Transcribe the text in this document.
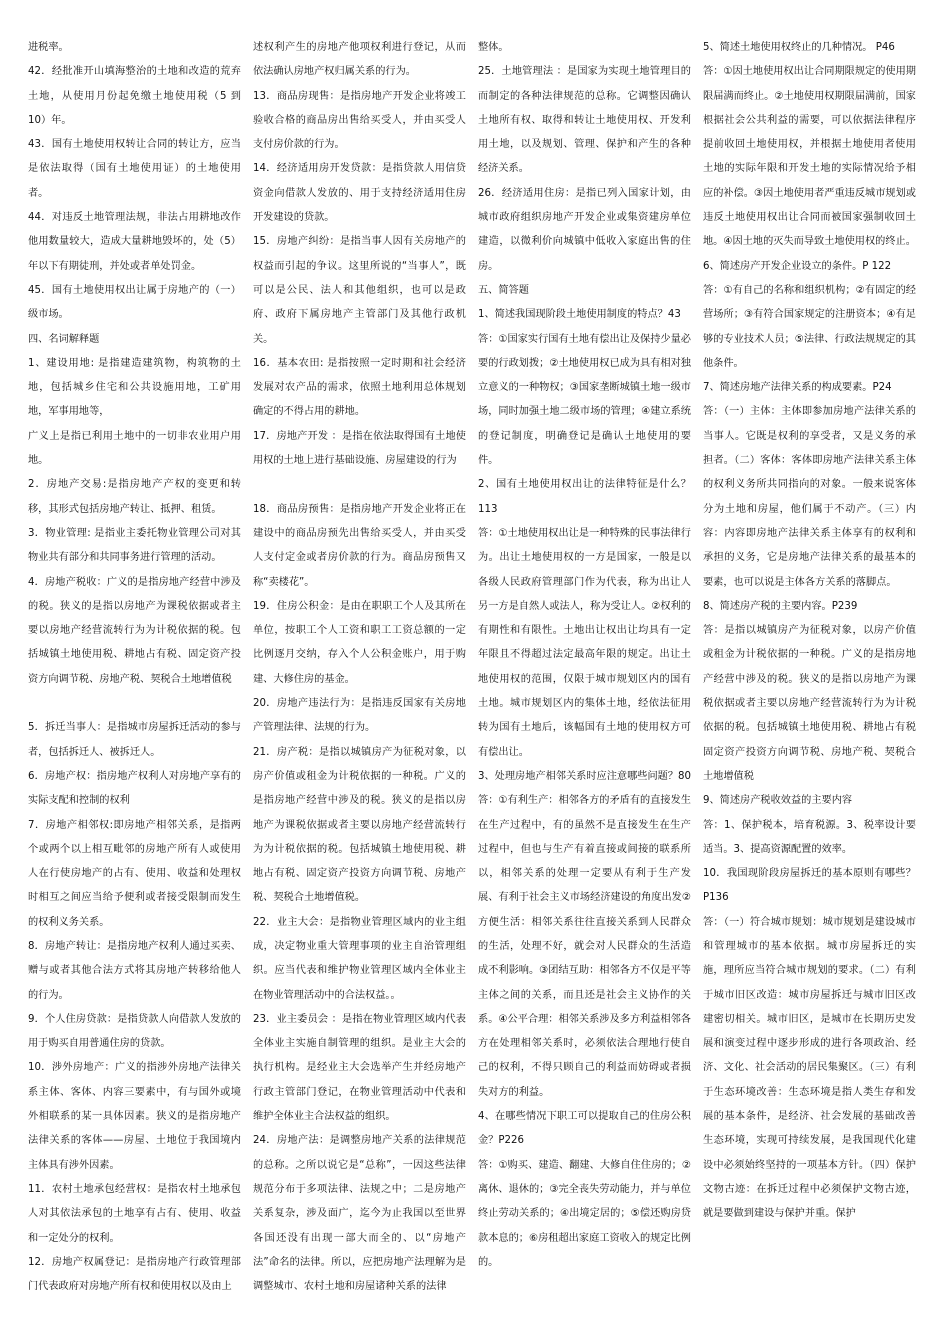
进税率。

42．经批准开山填海整治的土地和改造的荒弃土地，从使用月份起免缴土地使用税（5 到 10）年。

43．国有土地使用权转让合同的转让方，应当是依法取得（国有土地使用证）的土地使用者。

44．对违反土地管理法规，非法占用耕地改作他用数量较大，造成大量耕地毁坏的，处（5）年以下有期徒刑，并处或者单处罚金。

45．国有土地使用权出让属于房地产的（一）级市场。

四、名词解释题

1、建设用地: 是指建造建筑物，构筑物的土地，包括城乡住宅和公共设施用地，工矿用地，军事用地等，

广义上是指已利用土地中的一切非农业用户用地。

2．房地产交易:是指房地产产权的变更和转移，其形式包括房地产转让、抵押、租赁。

3．物业管理: 是指业主委托物业管理公司对其物业共有部分和共同事务进行管理的活动。

4．房地产税收：广义的是指房地产经营中涉及的税。狭义的是指以房地产为课税依据或者主要以房地产经营流转行为为计税依据的税。包括城镇土地使用税、耕地占有税、固定资产投资方向调节税、房地产税、契税合土地增值税

5．拆迁当事人：是指城市房屋拆迁活动的参与者，包括拆迁人、被拆迁人。

6．房地产权：指房地产权利人对房地产享有的实际支配和控制的权利

7．房地产相邻权:即房地产相邻关系，是指两个或两个以上相互毗邻的房地产所有人或使用人在行使房地产的占有、使用、收益和处理权时相互之间应当给予便利或者接受限制而发生的权利义务关系。

8．房地产转让：是指房地产权利人通过买卖、赠与或者其他合法方式将其房地产转移给他人的行为。

9．个人住房贷款：是指贷款人向借款人发放的用于购买自用普通住房的贷款。

10．涉外房地产：广义的指涉外房地产法律关系主体、客体、内容三要素中，有与国外或境外相联系的某一具体因素。狭义的是指房地产法律关系的客体——房屋、土地位于我国境内主体具有涉外因素。

11．农村土地承包经营权：是指农村土地承包人对其依法承包的土地享有占有、使用、收益和一定处分的权利。

12．房地产权属登记：是指房地产行政管理部门代表政府对房地产所有权和使用权以及由上

述权利产生的房地产他项权利进行登记，从而依法确认房地产权归属关系的行为。

13．商品房现售：是指房地产开发企业将竣工验收合格的商品房出售给买受人，并由买受人支付房价款的行为。

14．经济适用房开发贷款：是指贷款人用信贷资金向借款人发放的、用于支持经济适用住房开发建设的贷款。

15．房地产纠纷：是指当事人因有关房地产的权益而引起的争议。这里所说的“当事人”，既可以是公民、法人和其他组织，也可以是政府、政府下属房地产主管部门及其他行政机关。

16．基本农田: 是指按照一定时期和社会经济发展对农产品的需求，依照土地利用总体规划确定的不得占用的耕地。

17．房地产开发 ：是指在依法取得国有土地使用权的土地上进行基础设施、房屋建设的行为

18．商品房预售：是指房地产开发企业将正在建设中的商品房预先出售给买受人，并由买受人支付定金或者房价款的行为。商品房预售又称“卖楼花”。

19．住房公积金：是由在职职工个人及其所在单位，按职工个人工资和职工工资总额的一定比例逐月交纳，存入个人公积金账户，用于购建、大修住房的基金。

20．房地产违法行为：是指违反国家有关房地产管理法律、法规的行为。

21．房产税：是指以城镇房产为征税对象，以房产价值或租金为计税依据的一种税。广义的是指房地产经营中涉及的税。狭义的是指以房地产为课税依据或者主要以房地产经营流转行为为计税依据的税。包括城镇土地使用税、耕地占有税、固定资产投资方向调节税、房地产税、契税合土地增值税。

22．业主大会：是指物业管理区域内的业主组成，决定物业重大管理事项的业主自治管理组织。应当代表和维护物业管理区域内全体业主在物业管理活动中的合法权益。。

23．业主委员会 ：是指在物业管理区域内代表全体业主实施自制管理的组织。是业主大会的执行机构。是经业主大会选举产生并经房地产行政主管部门登记，在物业管理活动中代表和维护全体业主合法权益的组织。

24．房地产法：是调整房地产关系的法律规范的总称。之所以说它是“总称”，一因这些法律规范分布于多项法律、法规之中；二是房地产关系复杂，涉及面广，迄今为止我国以至世界各国还没有出现一部大而全的、以“房地产法”命名的法律。所以，应把房地产法理解为是调整城市、农村土地和房屋诸种关系的法律

整体。

25．土地管理法 ：是国家为实现土地管理目的而制定的各种法律规范的总称。它调整因确认土地所有权、取得和转让土地使用权、开发利用土地，以及规划、管理、保护和产生的各种经济关系。

26．经济适用住房：是指已列入国家计划，由城市政府组织房地产开发企业或集资建房单位建造，以微利价向城镇中低收入家庭出售的住房。

五、简答题

1、简述我国现阶段土地使用制度的特点？43

答：①国家实行国有土地有偿出让及保持少量必要的行政划拨；②土地使用权已成为具有相对独立意义的一种物权；③国家垄断城镇土地一级市场，同时加强土地二级市场的管理；④建立系统的登记制度，明确登记是确认土地使用的要件。

2、国有土地使用权出让的法律特征是什么？113

答：①土地使用权出让是一种特殊的民事法律行为。出让土地使用权的一方是国家，一般是以各级人民政府管理部门作为代表，称为出让人另一方是自然人或法人，称为受让人。②权利的有期性和有限性。土地出让权出让均具有一定年限且不得超过法定最高年限的规定。出让土地使用权的范围，仅限于城市规划区内的国有土地。城市规划区内的集体土地，经依法征用转为国有土地后，该幅国有土地的使用权方可有偿出让。

3、处理房地产相邻关系时应注意哪些问题？80

答：①有利生产：相邻各方的矛盾有的直接发生在生产过程中，有的虽然不是直接发生在生产过程中，但也与生产有着直接或间接的联系所以，相邻关系的处理一定要从有利于生产发展、有利于社会主义市场经济建设的角度出发②方便生活：相邻关系往往直接关系到人民群众的生活，处理不好，就会对人民群众的生活造成不利影响。③团结互助：相邻各方不仅是平等主体之间的关系，而且还是社会主义协作的关系。④公平合理：相邻关系涉及多方利益相邻各方在处理相邻关系时，必须依法合理地行使自己的权利，不得只顾自己的利益而妨碍或者损失对方的利益。

4、在哪些情况下职工可以提取自己的住房公积金？P226

答：①购买、建造、翻建、大修自住住房的；②离休、退休的；③完全丧失劳动能力，并与单位终止劳动关系的；④出境定居的；⑤偿还购房贷款本息的；⑥房租超出家庭工资收入的规定比例的。

5、简述土地使用权终止的几种情况。 P46

答：①因土地使用权出让合同期限规定的使用期限届满而终止。②土地使用权期限届满前，国家根据社会公共利益的需要，可以依据法律程序提前收回土地使用权，并根据土地使用者使用土地的实际年限和开发土地的实际情况给予相应的补偿。③因土地使用者严重违反城市规划或违反土地使用权出让合同而被国家强制收回土地。④因土地的灭失而导致土地使用权的终止。

6、简述房产开发企业设立的条件。P 122

答：①有自己的名称和组织机构；②有固定的经营场所；③有符合国家规定的注册资本；④有足够的专业技术人员；⑤法律、行政法规规定的其他条件。

7、简述房地产法律关系的构成要素。P24

答：（一）主体：主体即参加房地产法律关系的当事人。它既是权利的享受者，又是义务的承担者。（二）客体：客体即房地产法律关系主体的权利义务所共同指向的对象。一般来说客体分为土地和房屋，他们属于不动产。（三）内容：内容即房地产法律关系主体享有的权利和承担的义务，它是房地产法律关系的最基本的要素，也可以说是主体各方关系的落脚点。

8、简述房产税的主要内容。P239

答：是指以城镇房产为征税对象，以房产价值或租金为计税依据的一种税。广义的是指房地产经营中涉及的税。狭义的是指以房地产为课税依据或者主要以房地产经营流转行为为计税依据的税。包括城镇土地使用税、耕地占有税固定资产投资方向调节税、房地产税、契税合土地增值税

9、简述房产税收效益的主要内容

答：1、保护税本，培育税源。3、税率设计要适当。3、提高资源配置的效率。

10．我国现阶段房屋拆迁的基本原则有哪些？P136

答：（一）符合城市规划：城市规划是建设城市和管理城市的基本依据。城市房屋拆迁的实施，理所应当符合城市规划的要求。（二）有利于城市旧区改造：城市房屋拆迁与城市旧区改建密切相关。城市旧区，是城市在长期历史发展和演变过程中逐步形成的进行各项政治、经济、文化、社会活动的居民集聚区。（三）有利于生态环境改善：生态环境是指人类生存和发展的基本条件，是经济、社会发展的基础改善生态环境，实现可持续发展，是我国现代化建设中必须始终坚持的一项基本方针。（四）保护文物古迹：在拆迁过程中必须保护文物古迹，就是要做到建设与保护并重。保护
